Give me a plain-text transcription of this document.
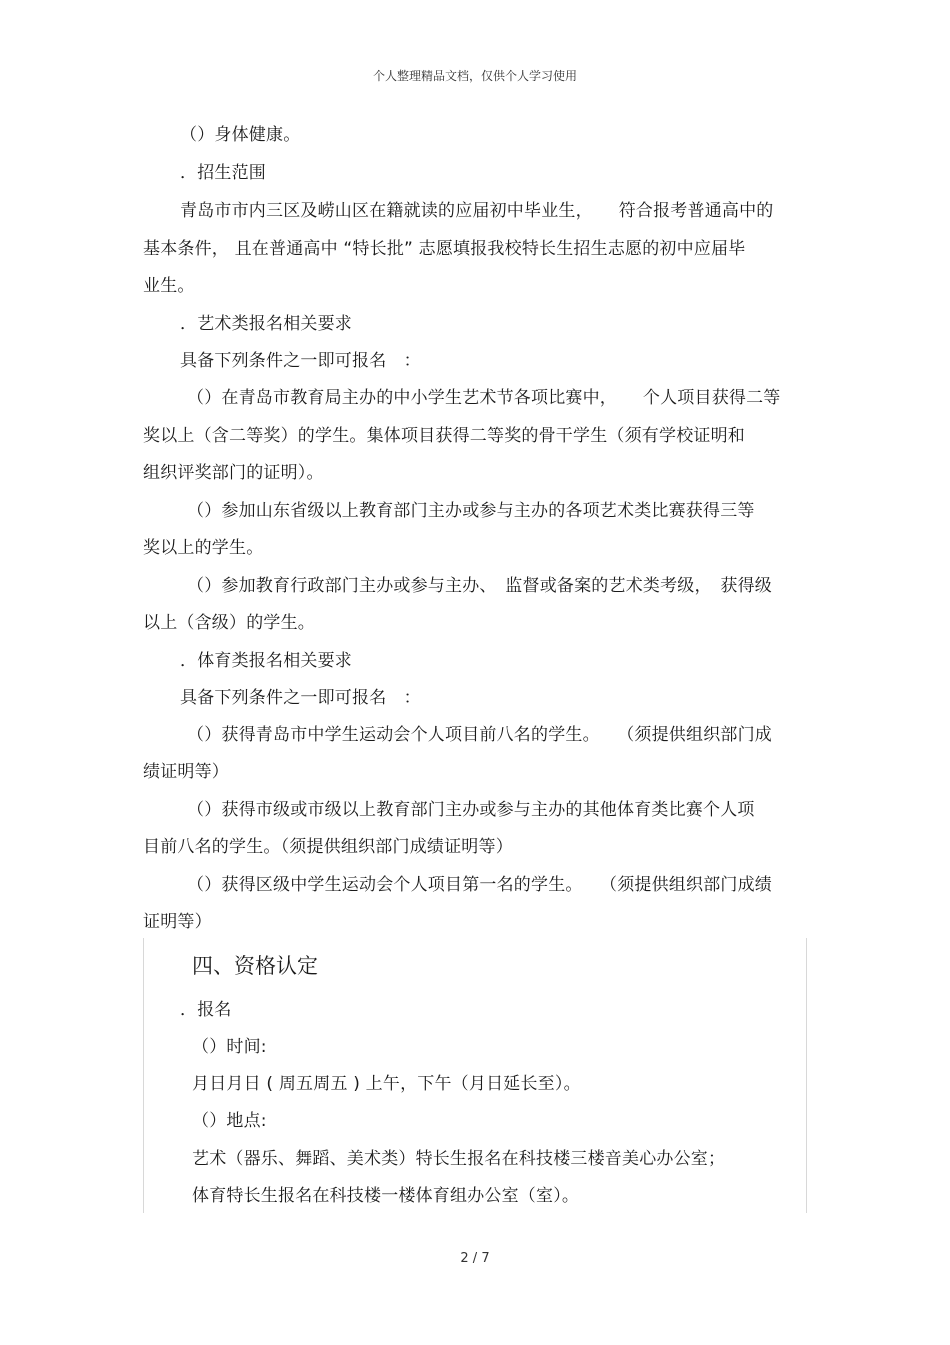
个人整理精品文档，仅供个人学习使用
（）身体健康。
．招生范围
青岛市市内三区及崂山区在籍就读的应届初中毕业生，　　符合报考普通高中的
基本条件， 且在普通高中 “特长批” 志愿填报我校特长生招生志愿的初中应届毕
业生。
．艺术类报名相关要求
具备下列条件之一即可报名　：
（）在青岛市教育局主办的中小学生艺术节各项比赛中，　　个人项目获得二等
奖以上（含二等奖）的学生。集体项目获得二等奖的骨干学生（须有学校证明和
组织评奖部门的证明）。
（）参加山东省级以上教育部门主办或参与主办的各项艺术类比赛获得三等
奖以上的学生。
（）参加教育行政部门主办或参与主办、　监督或备案的艺术类考级，　获得级
以上（含级）的学生。
．体育类报名相关要求
具备下列条件之一即可报名　：
（）获得青岛市中学生运动会个人项目前八名的学生。　　（须提供组织部门成
绩证明等）
（）获得市级或市级以上教育部门主办或参与主办的其他体育类比赛个人项
目前八名的学生。（须提供组织部门成绩证明等）
（）获得区级中学生运动会个人项目第一名的学生。　　（须提供组织部门成绩
证明等）
四、资格认定
．报名
（）时间:
月日月日 ( 周五周五 ) 上午，下午（月日延长至）。
（）地点:
艺术（器乐、舞蹈、美术类）特长生报名在科技楼三楼音美心办公室；
体育特长生报名在科技楼一楼体育组办公室（室）。
2 / 7
